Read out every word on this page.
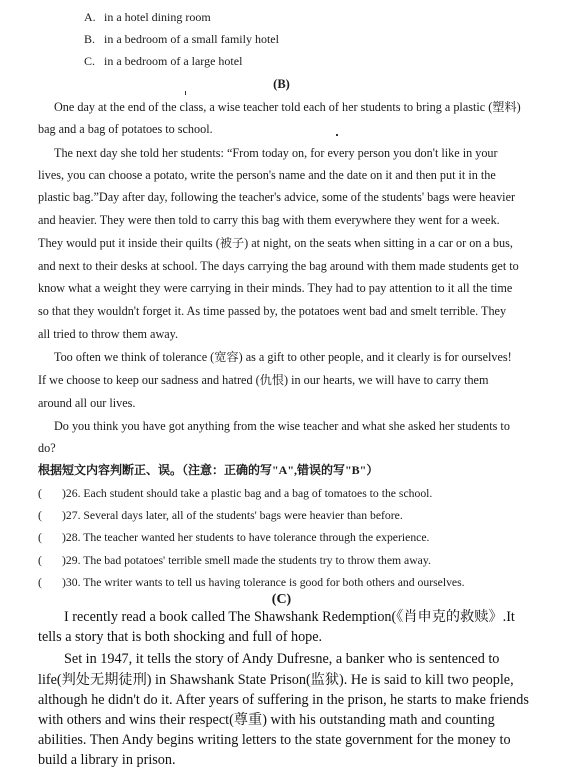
A. in a hotel dining room
B. in a bedroom of a small family hotel
C. in a bedroom of a large hotel
(B)
One day at the end of the class, a wise teacher told each of her students to bring a plastic (塑料)
bag and a bag of potatoes to school.
The next day she told her students: “From today on, for every person you don't like in your
lives, you can choose a potato, write the person's name and the date on it and then put it in the
plastic bag.”Day after day, following the teacher's advice, some of the students' bags were heavier
and heavier. They were then told to carry this bag with them everywhere they went for a week.
They would put it inside their quilts (被子) at night, on the seats when sitting in a car or on a bus,
and next to their desks at school. The days carrying the bag around with them made students get to
know what a weight they were carrying in their minds. They had to pay attention to it all the time
so that they wouldn't forget it. As time passed by, the potatoes went bad and smelt terrible. They
all tried to throw them away.
Too often we think of tolerance (宽容) as a gift to other people, and it clearly is for ourselves!
If we choose to keep our sadness and hatred (仇恨) in our hearts, we will have to carry them
around all our lives.
Do you think you have got anything from the wise teacher and what she asked her students to
do?
根据短文内容判断正、误。（注意：正确的写"A",错误的写"B"）
( )26. Each student should take a plastic bag and a bag of tomatoes to the school.
( )27. Several days later, all of the students' bags were heavier than before.
( )28. The teacher wanted her students to have tolerance through the experience.
( )29. The bad potatoes' terrible smell made the students try to throw them away.
( )30. The writer wants to tell us having tolerance is good for both others and ourselves.
(C)
I recently read a book called The Shawshank Redemption(《肖申克的救赎》.It
tells a story that is both shocking and full of hope.
Set in 1947, it tells the story of Andy Dufresne, a banker who is sentenced to
life(判处无期徒刑) in Shawshank State Prison(监狱). He is said to kill two people,
although he didn't do it. After years of suffering in the prison, he starts to make friends
with others and wins their respect(尊重) with his outstanding math and counting
abilities. Then Andy begins writing letters to the state government for the money to
build a library in prison.
